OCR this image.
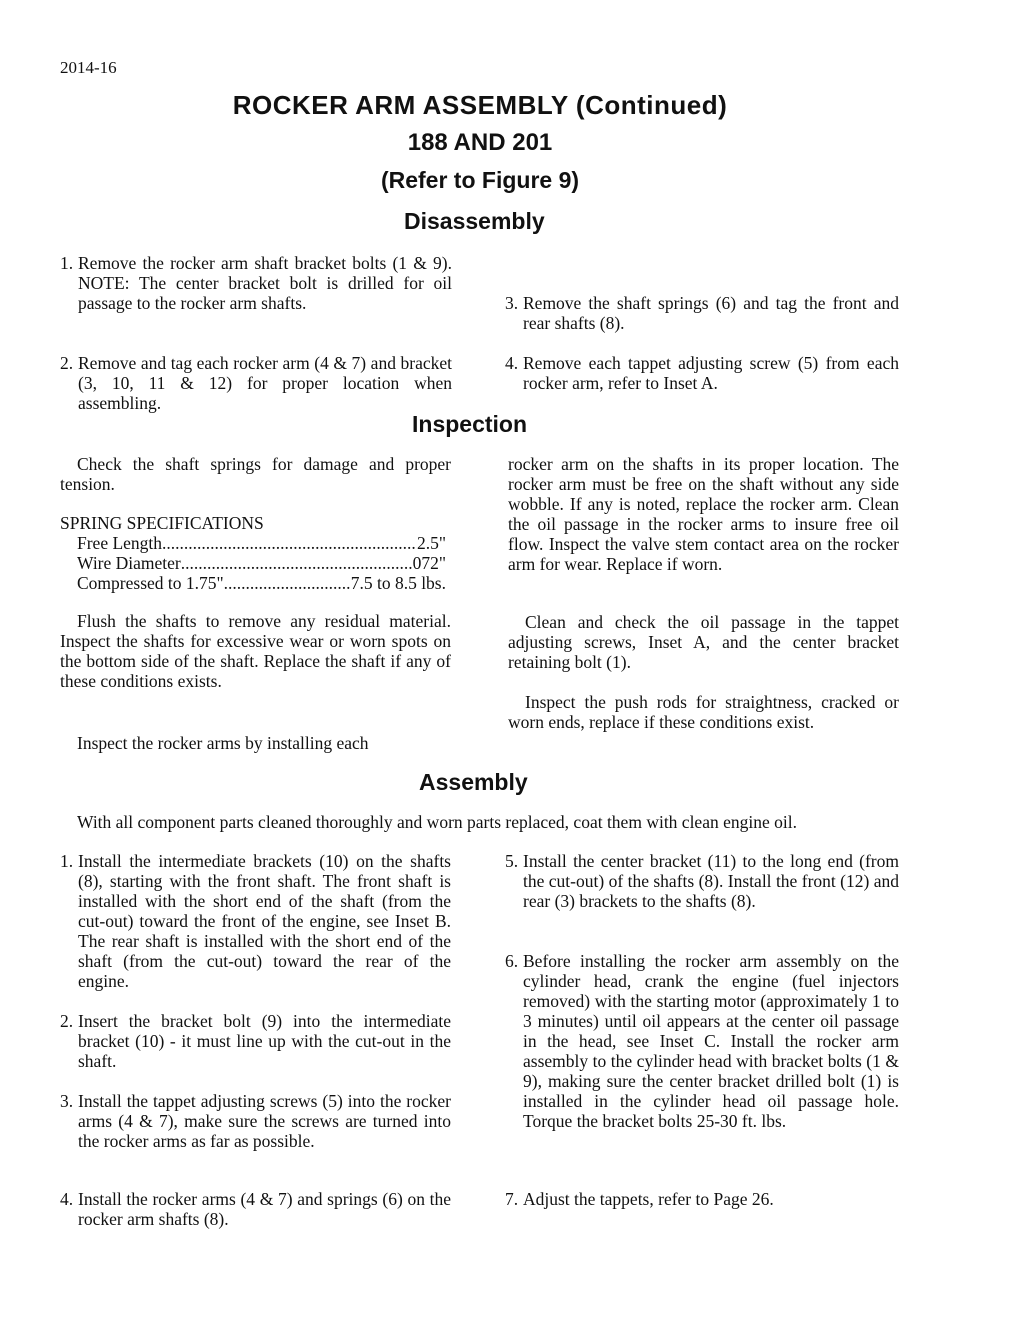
2014-16
ROCKER ARM ASSEMBLY (Continued)
188 AND 201
(Refer to Figure 9)
Disassembly
1. Remove the rocker arm shaft bracket bolts (1 & 9). NOTE: The center bracket bolt is drilled for oil passage to the rocker arm shafts.
2. Remove and tag each rocker arm (4 & 7) and bracket (3, 10, 11 & 12) for proper location when assembling.
3. Remove the shaft springs (6) and tag the front and rear shafts (8).
4. Remove each tappet adjusting screw (5) from each rocker arm, refer to Inset A.
Inspection
Check the shaft springs for damage and proper tension.
SPRING SPECIFICATIONS
Free Length .....	2.5"
Wire Diameter .....	.072"
Compressed to 1.75" .....	7.5 to 8.5 lbs.
Flush the shafts to remove any residual material. Inspect the shafts for excessive wear or worn spots on the bottom side of the shaft. Replace the shaft if any of these conditions exists.
Inspect the rocker arms by installing each
rocker arm on the shafts in its proper location. The rocker arm must be free on the shaft without any side wobble. If any is noted, replace the rocker arm. Clean the oil passage in the rocker arms to insure free oil flow. Inspect the valve stem contact area on the rocker arm for wear. Replace if worn.
Clean and check the oil passage in the tappet adjusting screws, Inset A, and the center bracket retaining bolt (1).
Inspect the push rods for straightness, cracked or worn ends, replace if these conditions exist.
Assembly
With all component parts cleaned thoroughly and worn parts replaced, coat them with clean engine oil.
1. Install the intermediate brackets (10) on the shafts (8), starting with the front shaft. The front shaft is installed with the short end of the shaft (from the cut-out) toward the front of the engine, see Inset B. The rear shaft is installed with the short end of the shaft (from the cut-out) toward the rear of the engine.
2. Insert the bracket bolt (9) into the intermediate bracket (10) - it must line up with the cut-out in the shaft.
3. Install the tappet adjusting screws (5) into the rocker arms (4 & 7), make sure the screws are turned into the rocker arms as far as possible.
4. Install the rocker arms (4 & 7) and springs (6) on the rocker arm shafts (8).
5. Install the center bracket (11) to the long end (from the cut-out) of the shafts (8). Install the front (12) and rear (3) brackets to the shafts (8).
6. Before installing the rocker arm assembly on the cylinder head, crank the engine (fuel injectors removed) with the starting motor (approximately 1 to 3 minutes) until oil appears at the center oil passage in the head, see Inset C. Install the rocker arm assembly to the cylinder head with bracket bolts (1 & 9), making sure the center bracket drilled bolt (1) is installed in the cylinder head oil passage hole. Torque the bracket bolts 25-30 ft. lbs.
7. Adjust the tappets, refer to Page 26.
